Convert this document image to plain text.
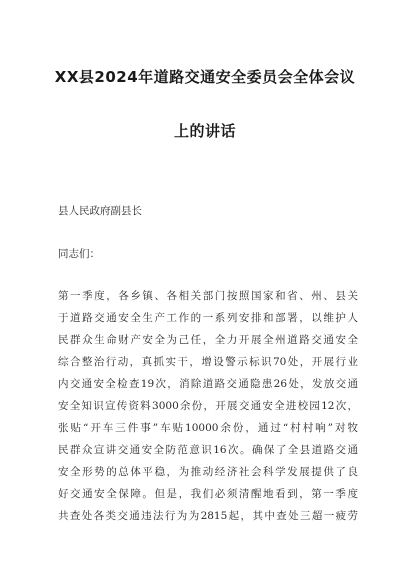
XX县2024年道路交通安全委员会全体会议
上的讲话
县人民政府副县长
同志们：
第一季度，各乡镇、各相关部门按照国家和省、州、县关
于道路交通安全生产工作的一系列安排和部署，以维护人
民群众生命财产安全为己任，全力开展全州道路交通安全
综合整治行动，真抓实干，增设警示标识70处，开展行业
内交通安全检查19次，消除道路交通隐患26处，发放交通
安全知识宣传资料3000余份，开展交通安全进校园12次，
张贴“开车三件事”车贴10000余份，通过“村村响”对牧
民群众宣讲交通安全防范意识16次。确保了全县道路交通
安全形势的总体平稳，为推动经济社会科学发展提供了良
好交通安全保障。但是，我们必须清醒地看到，第一季度
共查处各类交通违法行为为2815起，其中查处三超一疲劳
